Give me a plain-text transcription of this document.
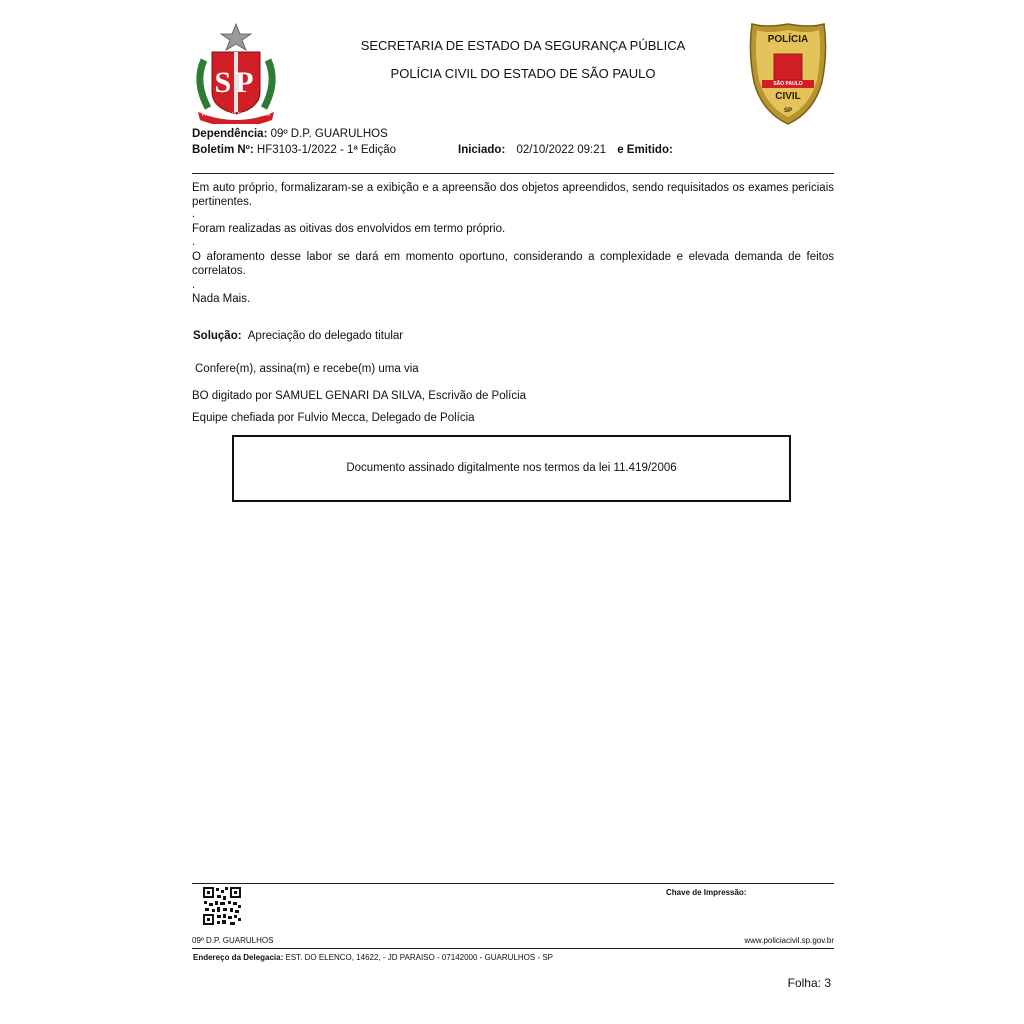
SP
PRO BRASILIA FIANT EXIMIA
SECRETARIA DE ESTADO DA SEGURANÇA PÚBLICA
POLÍCIA CIVIL DO ESTADO DE SÃO PAULO
POLÍCIA
SÃO PAULO
CIVIL
SP
Dependência: 09º D.P. GUARULHOS
Boletim Nº: HF3103-1/2022 - 1ª Edição	Iniciado: 02/10/2022 09:21 e Emitido:
Em auto próprio, formalizaram-se a exibição e a apreensão dos objetos apreendidos, sendo requisitados os exames periciais pertinentes.
.
Foram realizadas as oitivas dos envolvidos em termo próprio.
.
O aforamento desse labor se dará em momento oportuno, considerando a complexidade e elevada demanda de feitos correlatos.
.
Nada Mais.
Solução: Apreciação do delegado titular
Confere(m), assina(m) e recebe(m) uma via
BO digitado por SAMUEL GENARI DA SILVA, Escrivão de Polícia
Equipe chefiada por Fulvio Mecca, Delegado de Polícia
Documento assinado digitalmente nos termos da lei 11.419/2006
Chave de Impressão:
09º D.P. GUARULHOS	www.policiacivil.sp.gov.br
Endereço da Delegacia: EST. DO ELENCO, 14622, - JD PARAISO - 07142000 - GUARULHOS - SP
Folha: 3
